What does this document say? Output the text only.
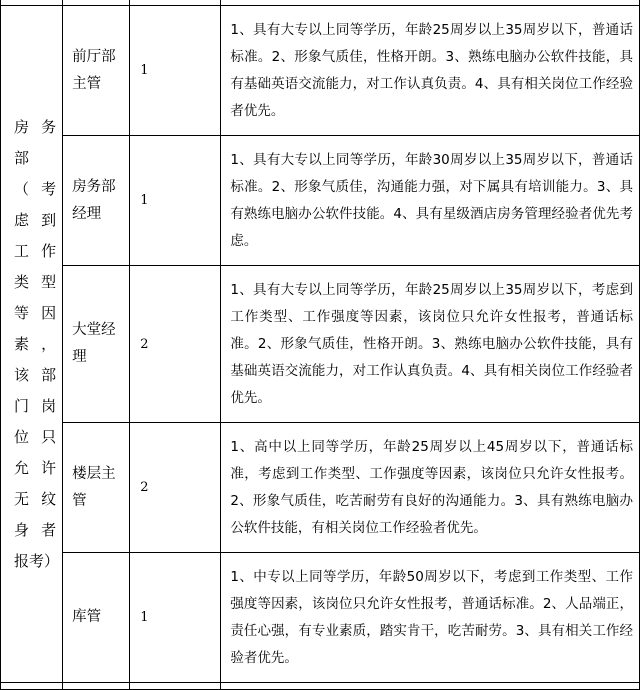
房务部（考虑到工作类型等因素，该部门岗位只允许无纹身者报考）	前厅部主管	1	1、具有大专以上同等学历，年龄25周岁以上35周岁以下，普通话标准。2、形象气质佳，性格开朗。3、熟练电脑办公软件技能，具有基础英语交流能力，对工作认真负责。4、具有相关岗位工作经验者优先。

	房务部经理	1	1、具有大专以上同等学历，年龄30周岁以上35周岁以下，普通话标准。2、形象气质佳，沟通能力强，对下属具有培训能力。3、具有熟练电脑办公软件技能。4、具有星级酒店房务管理经验者优先考虑。

	大堂经理	2	1、具有大专以上同等学历，年龄25周岁以上35周岁以下，考虑到工作类型、工作强度等因素，该岗位只允许女性报考，普通话标准。2、形象气质佳，性格开朗。3、熟练电脑办公软件技能，具有基础英语交流能力，对工作认真负责。4、具有相关岗位工作经验者优先。

	楼层主管	2	1、高中以上同等学历，年龄25周岁以上45周岁以下，普通话标准，考虑到工作类型、工作强度等因素，该岗位只允许女性报考。2、形象气质佳，吃苦耐劳有良好的沟通能力。3、具有熟练电脑办公软件技能，有相关岗位工作经验者优先。

	库管	1	1、中专以上同等学历，年龄50周岁以下，考虑到工作类型、工作强度等因素，该岗位只允许女性报考，普通话标准。2、人品端正，责任心强，有专业素质，踏实肯干，吃苦耐劳。3、具有相关工作经验者优先。
